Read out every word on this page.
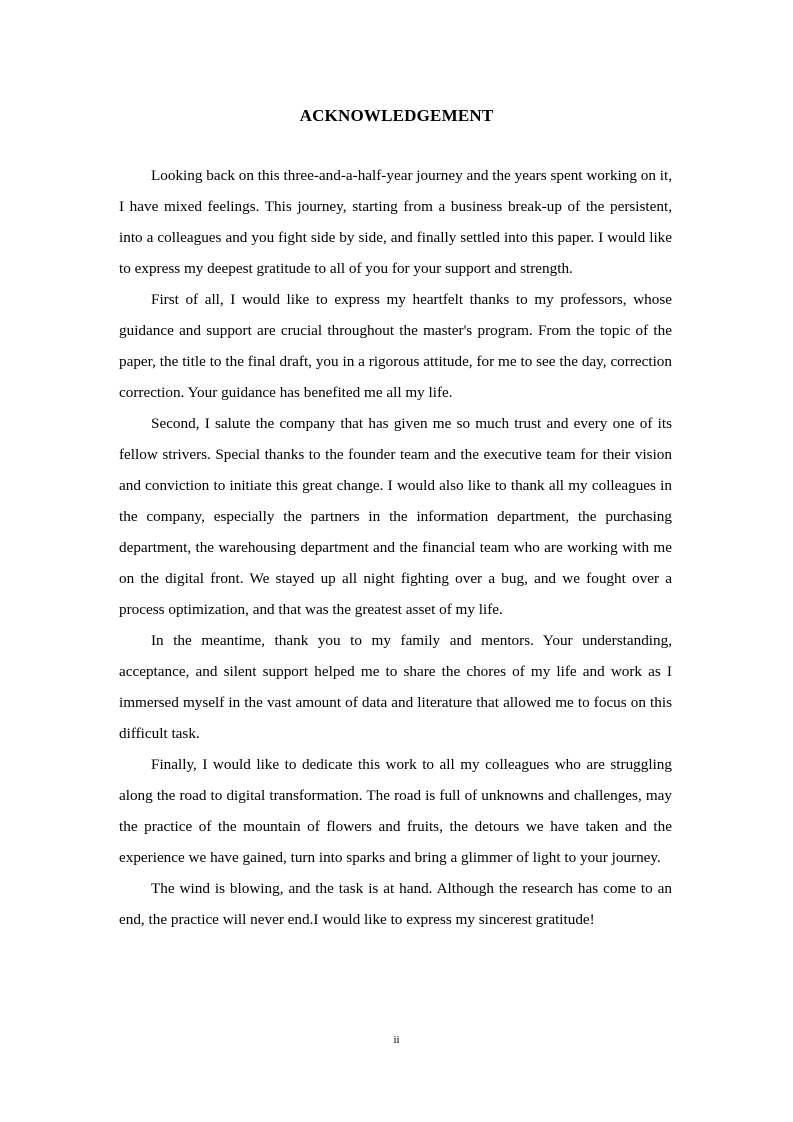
ACKNOWLEDGEMENT

Looking back on this three-and-a-half-year journey and the years spent working on it, I have mixed feelings. This journey, starting from a business break-up of the persistent, into a colleagues and you fight side by side, and finally settled into this paper. I would like to express my deepest gratitude to all of you for your support and strength.

First of all, I would like to express my heartfelt thanks to my professors, whose guidance and support are crucial throughout the master's program. From the topic of the paper, the title to the final draft, you in a rigorous attitude, for me to see the day, correction correction. Your guidance has benefited me all my life.

Second, I salute the company that has given me so much trust and every one of its fellow strivers. Special thanks to the founder team and the executive team for their vision and conviction to initiate this great change. I would also like to thank all my colleagues in the company, especially the partners in the information department, the purchasing department, the warehousing department and the financial team who are working with me on the digital front. We stayed up all night fighting over a bug, and we fought over a process optimization, and that was the greatest asset of my life.

In the meantime, thank you to my family and mentors. Your understanding, acceptance, and silent support helped me to share the chores of my life and work as I immersed myself in the vast amount of data and literature that allowed me to focus on this difficult task.

Finally, I would like to dedicate this work to all my colleagues who are struggling along the road to digital transformation. The road is full of unknowns and challenges, may the practice of the mountain of flowers and fruits, the detours we have taken and the experience we have gained, turn into sparks and bring a glimmer of light to your journey.

The wind is blowing, and the task is at hand. Although the research has come to an end, the practice will never end.I would like to express my sincerest gratitude!

ii
